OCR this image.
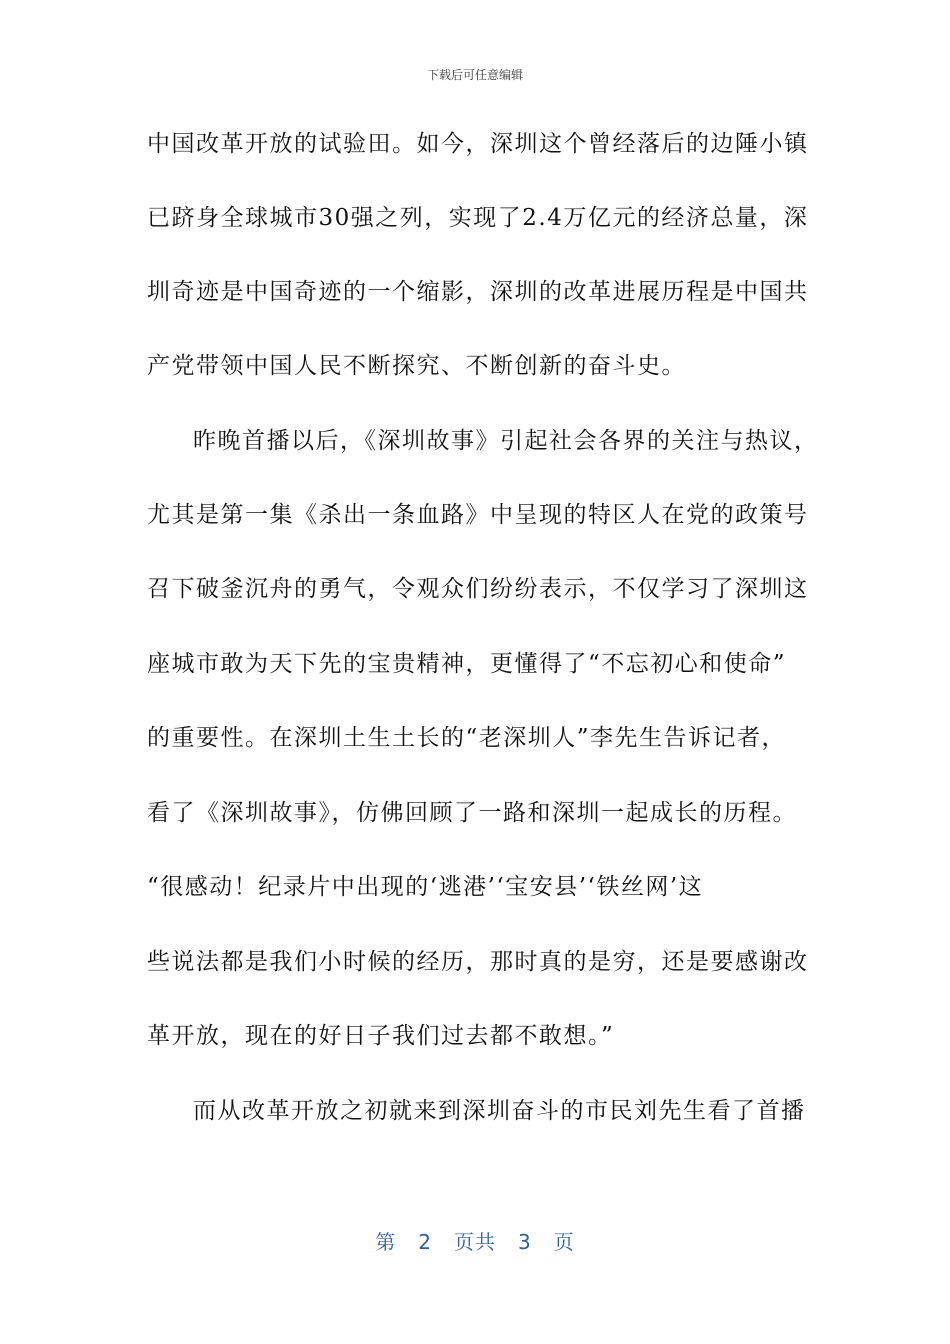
下载后可任意编辑
中国改革开放的试验田。如今，深圳这个曾经落后的边陲小镇
已跻身全球城市30强之列，实现了2.4万亿元的经济总量，深
圳奇迹是中国奇迹的一个缩影，深圳的改革进展历程是中国共
产党带领中国人民不断探究、不断创新的奋斗史。
昨晚首播以后，《深圳故事》引起社会各界的关注与热议，
尤其是第一集《杀出一条血路》中呈现的特区人在党的政策号
召下破釜沉舟的勇气，令观众们纷纷表示，不仅学习了深圳这
座城市敢为天下先的宝贵精神，更懂得了“不忘初心和使命”
的重要性。在深圳土生土长的“老深圳人”李先生告诉记者，
看了《深圳故事》，仿佛回顾了一路和深圳一起成长的历程。
“很感动！纪录片中出现的‘逃港’‘宝安县’‘铁丝网’这
些说法都是我们小时候的经历，那时真的是穷，还是要感谢改
革开放，现在的好日子我们过去都不敢想。”
而从改革开放之初就来到深圳奋斗的市民刘先生看了首播
第 2 页共 3 页
